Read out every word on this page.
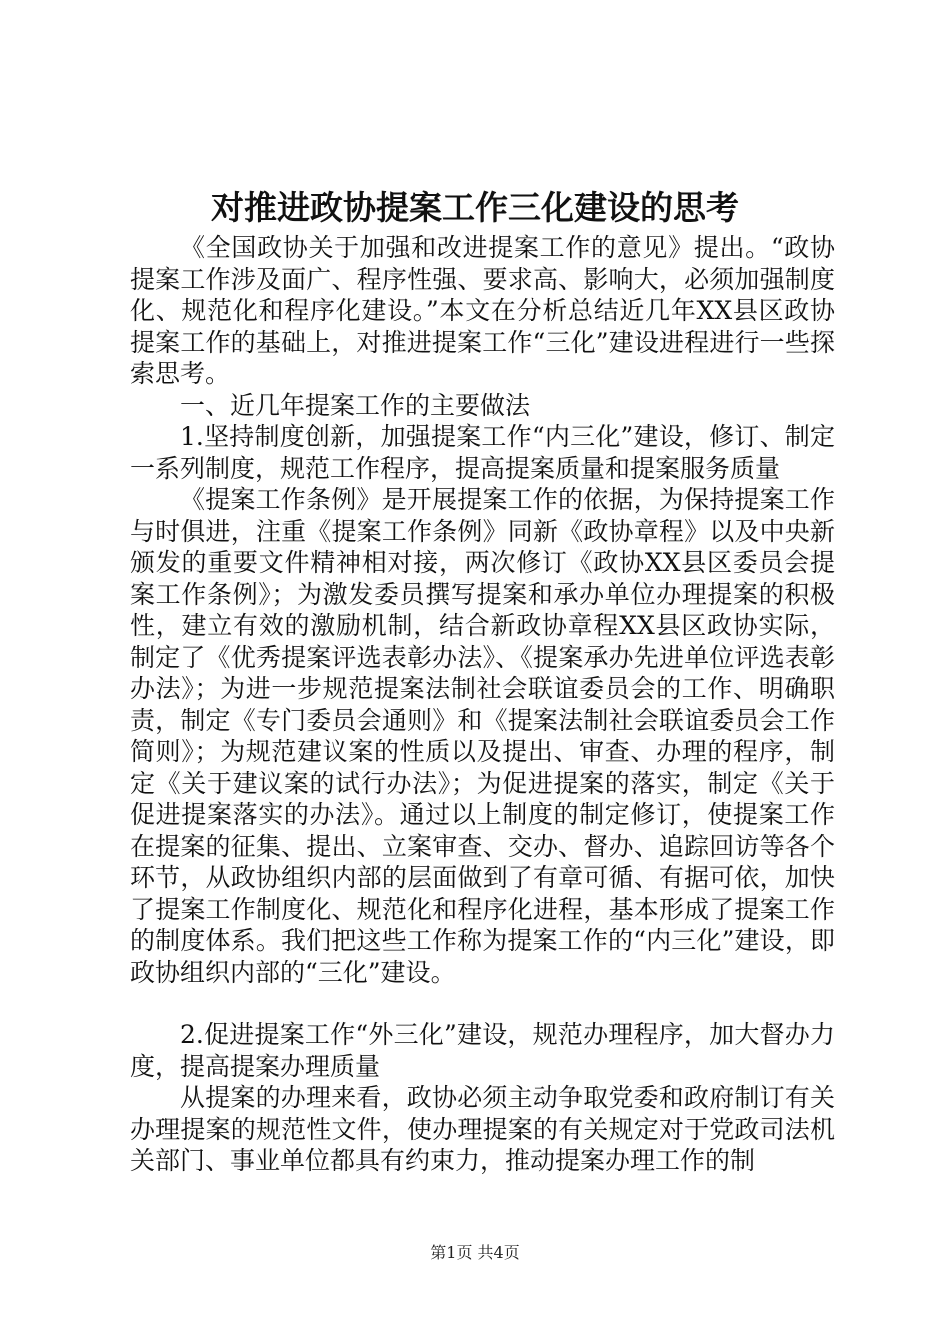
对推进政协提案工作三化建设的思考

《全国政协关于加强和改进提案工作的意见》提出。“政协提案工作涉及面广、程序性强、要求高、影响大，必须加强制度化、规范化和程序化建设。”本文在分析总结近几年XX县区政协提案工作的基础上，对推进提案工作“三化”建设进程进行一些探索思考。

一、近几年提案工作的主要做法

1.坚持制度创新，加强提案工作“内三化”建设，修订、制定一系列制度，规范工作程序，提高提案质量和提案服务质量

《提案工作条例》是开展提案工作的依据，为保持提案工作与时俱进，注重《提案工作条例》同新《政协章程》以及中央新颁发的重要文件精神相对接，两次修订《政协XX县区委员会提案工作条例》；为激发委员撰写提案和承办单位办理提案的积极性，建立有效的激励机制，结合新政协章程XX县区政协实际，制定了《优秀提案评选表彰办法》、《提案承办先进单位评选表彰办法》；为进一步规范提案法制社会联谊委员会的工作、明确职责，制定《专门委员会通则》和《提案法制社会联谊委员会工作简则》；为规范建议案的性质以及提出、审查、办理的程序，制定《关于建议案的试行办法》；为促进提案的落实，制定《关于促进提案落实的办法》。通过以上制度的制定修订，使提案工作在提案的征集、提出、立案审查、交办、督办、追踪回访等各个环节，从政协组织内部的层面做到了有章可循、有据可依，加快了提案工作制度化、规范化和程序化进程，基本形成了提案工作的制度体系。我们把这些工作称为提案工作的“内三化”建设，即政协组织内部的“三化”建设。

2.促进提案工作“外三化”建设，规范办理程序，加大督办力度，提高提案办理质量

从提案的办理来看，政协必须主动争取党委和政府制订有关办理提案的规范性文件，使办理提案的有关规定对于党政司法机关部门、事业单位都具有约束力，推动提案办理工作的制

第1页 共4页
